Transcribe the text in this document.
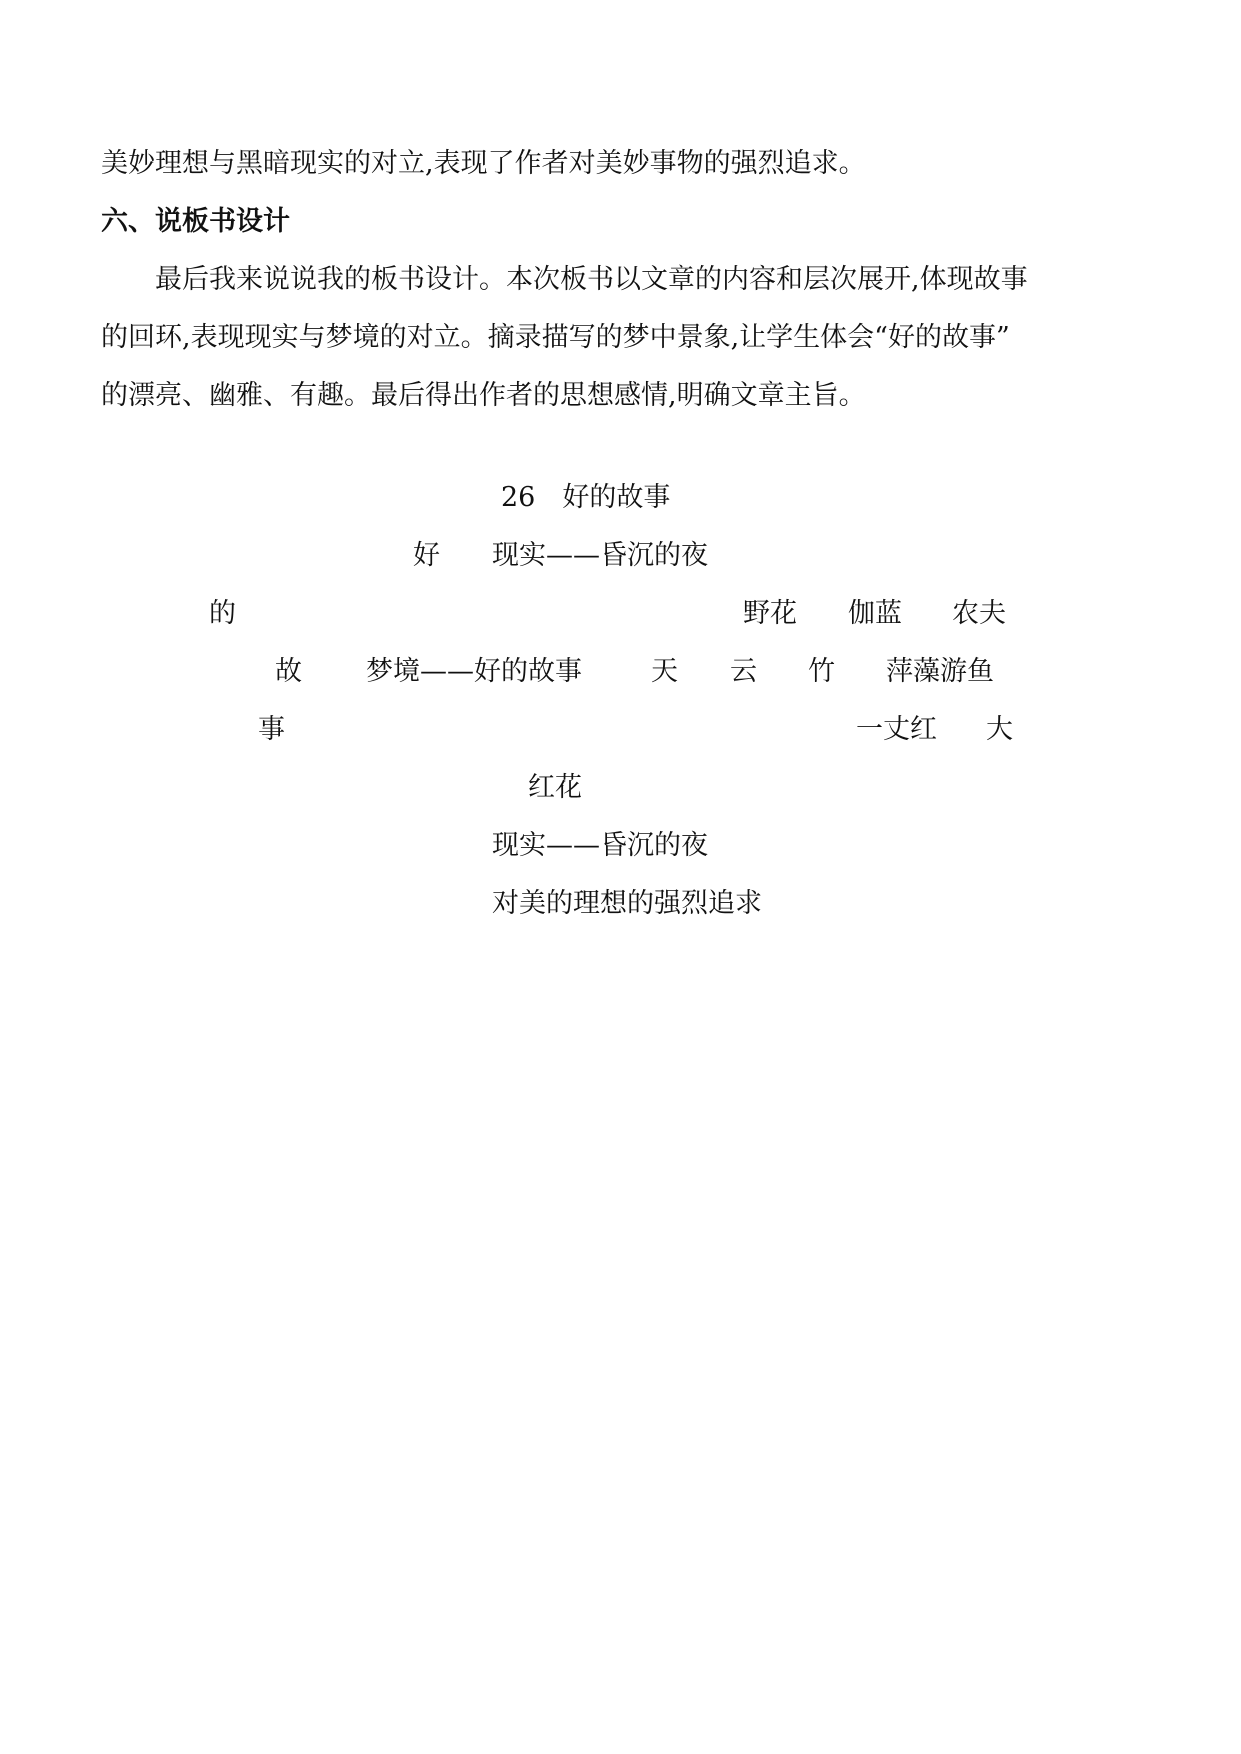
美妙理想与黑暗现实的对立,表现了作者对美妙事物的强烈追求。
六、说板书设计
最后我来说说我的板书设计。本次板书以文章的内容和层次展开,体现故事
的回环,表现现实与梦境的对立。摘录描写的梦中景象,让学生体会“好的故事”
的漂亮、幽雅、有趣。最后得出作者的思想感情,明确文章主旨。
26　好的故事
好 现实——昏沉的夜
的	野花 伽蓝 农夫
故 梦境——好的故事	天 云 竹 萍藻游鱼
事	一丈红 大
红花
现实——昏沉的夜
对美的理想的强烈追求
